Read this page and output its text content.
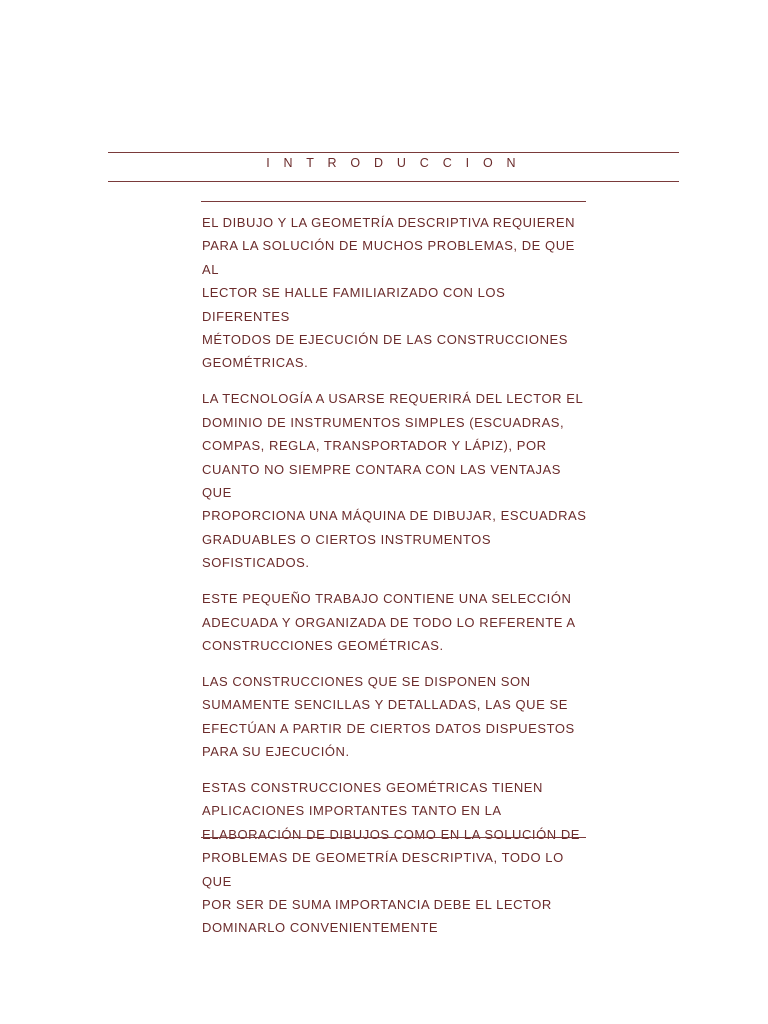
I N T R O D U C C I O N

EL DIBUJO Y LA GEOMETRÍA DESCRIPTIVA REQUIEREN
PARA LA SOLUCIÓN DE MUCHOS PROBLEMAS, DE QUE AL
LECTOR SE HALLE FAMILIARIZADO CON LOS DIFERENTES
MÉTODOS DE EJECUCIÓN DE LAS CONSTRUCCIONES
GEOMÉTRICAS.

LA TECNOLOGÍA A USARSE REQUERIRÁ DEL LECTOR EL
DOMINIO DE INSTRUMENTOS SIMPLES (ESCUADRAS,
COMPAS, REGLA, TRANSPORTADOR Y LÁPIZ), POR
CUANTO NO SIEMPRE CONTARA CON LAS VENTAJAS QUE
PROPORCIONA UNA MÁQUINA DE DIBUJAR, ESCUADRAS
GRADUABLES O CIERTOS INSTRUMENTOS SOFISTICADOS.

ESTE PEQUEÑO TRABAJO CONTIENE UNA SELECCIÓN
ADECUADA Y ORGANIZADA DE TODO LO REFERENTE A
CONSTRUCCIONES GEOMÉTRICAS.

LAS CONSTRUCCIONES QUE SE DISPONEN SON
SUMAMENTE SENCILLAS Y DETALLADAS, LAS QUE SE
EFECTÚAN A PARTIR DE CIERTOS DATOS DISPUESTOS
PARA SU EJECUCIÓN.

ESTAS CONSTRUCCIONES GEOMÉTRICAS TIENEN
APLICACIONES IMPORTANTES TANTO EN LA
ELABORACIÓN DE DIBUJOS COMO EN LA SOLUCIÓN DE
PROBLEMAS DE GEOMETRÍA DESCRIPTIVA, TODO LO QUE
POR SER DE SUMA IMPORTANCIA DEBE EL LECTOR
DOMINARLO CONVENIENTEMENTE
